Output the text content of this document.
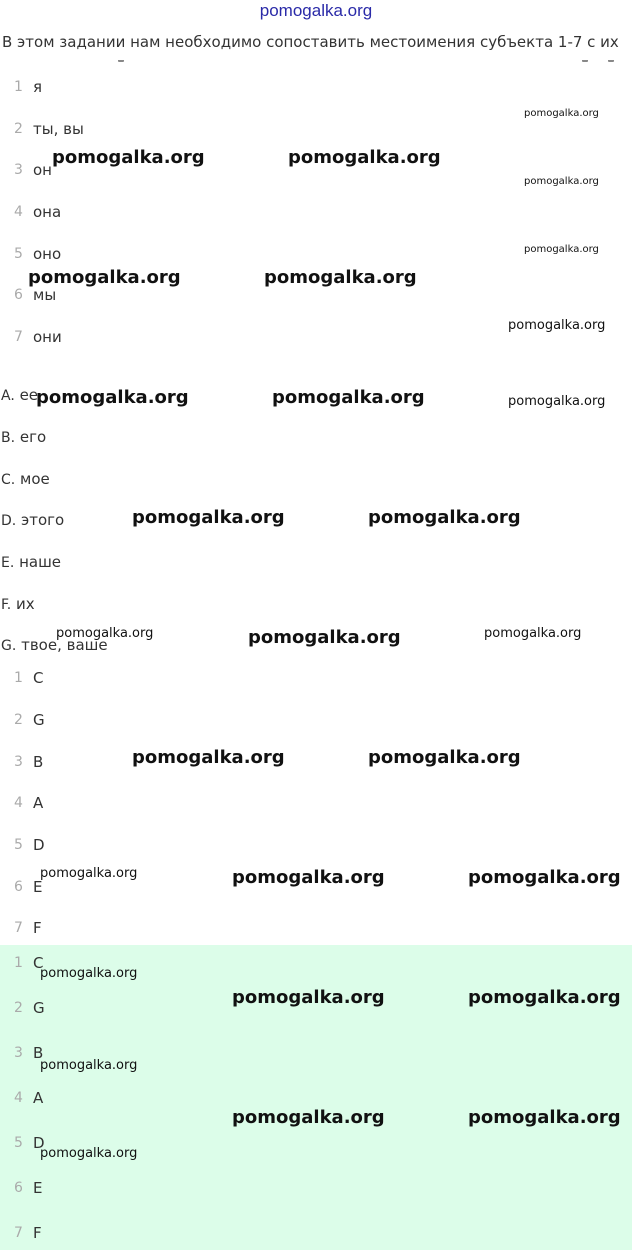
pomogalka.org
В этом задании нам необходимо сопоставить местоимения субъекта 1-7 с их
1 я
2 ты, вы
3 он
4 она
5 оно
6 мы
7 они
A. ее
B. его
C. мое
D. этого
E. наше
F. их
G. твое, ваше
1 C
2 G
3 B
4 A
5 D
6 E
7 F
1 C
2 G
3 B
4 A
5 D
6 E
7 F
pomogalka.org
pomogalka.org	pomogalka.org
pomogalka.org
pomogalka.org
pomogalka.org	pomogalka.org
pomogalka.org
pomogalka.org	pomogalka.org	pomogalka.org
pomogalka.org	pomogalka.org
pomogalka.org	pomogalka.org	pomogalka.org
pomogalka.org	pomogalka.org
pomogalka.org	pomogalka.org	pomogalka.org
pomogalka.org
pomogalka.org	pomogalka.org
pomogalka.org
pomogalka.org	pomogalka.org
pomogalka.org
